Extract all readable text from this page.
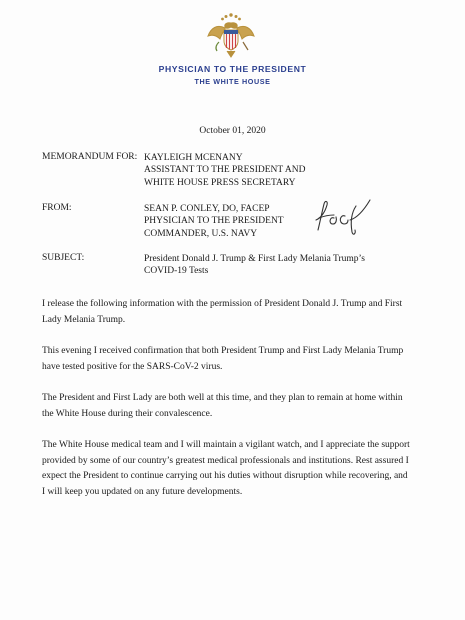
PHYSICIAN TO THE PRESIDENT
THE WHITE HOUSE
October 01, 2020
MEMORANDUM FOR: KAYLEIGH MCENANY
ASSISTANT TO THE PRESIDENT AND
WHITE HOUSE PRESS SECRETARY
FROM:	SEAN P. CONLEY, DO, FACEP
PHYSICIAN TO THE PRESIDENT
COMMANDER, U.S. NAVY
SUBJECT:	President Donald J. Trump & First Lady Melania Trump’s
COVID-19 Tests
I release the following information with the permission of President Donald J. Trump and First
Lady Melania Trump.
This evening I received confirmation that both President Trump and First Lady Melania Trump
have tested positive for the SARS-CoV-2 virus.
The President and First Lady are both well at this time, and they plan to remain at home within
the White House during their convalescence.
The White House medical team and I will maintain a vigilant watch, and I appreciate the support
provided by some of our country’s greatest medical professionals and institutions. Rest assured I
expect the President to continue carrying out his duties without disruption while recovering, and
I will keep you updated on any future developments.
